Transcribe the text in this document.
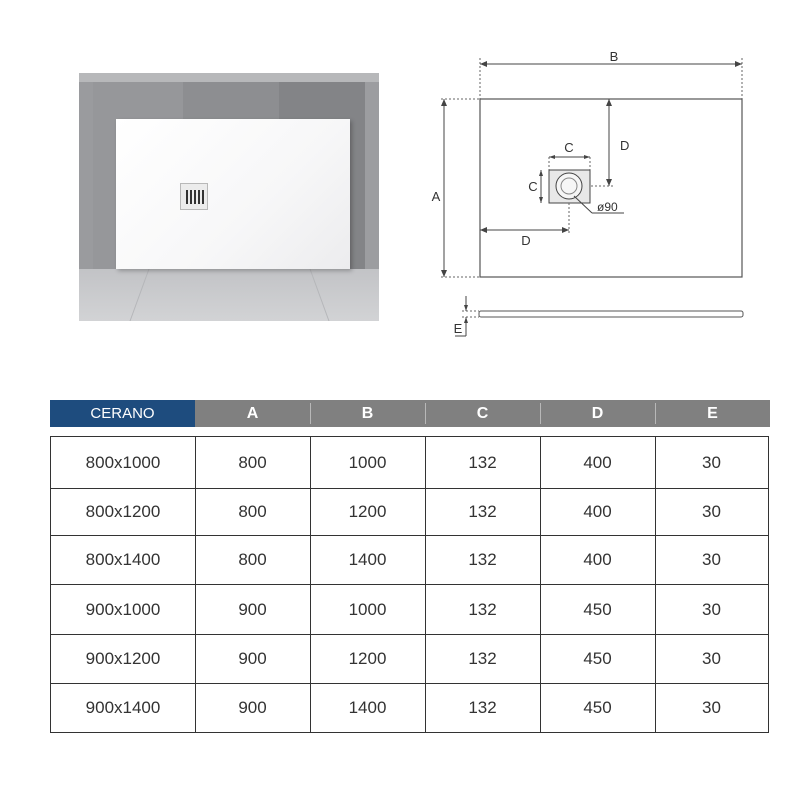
B
A
D
C
C
ø90
D
E
CERANO	A	B	C	D	E
800x1000	800	1000	132	400	30
800x1200	800	1200	132	400	30
800x1400	800	1400	132	400	30
900x1000	900	1000	132	450	30
900x1200	900	1200	132	450	30
900x1400	900	1400	132	450	30
